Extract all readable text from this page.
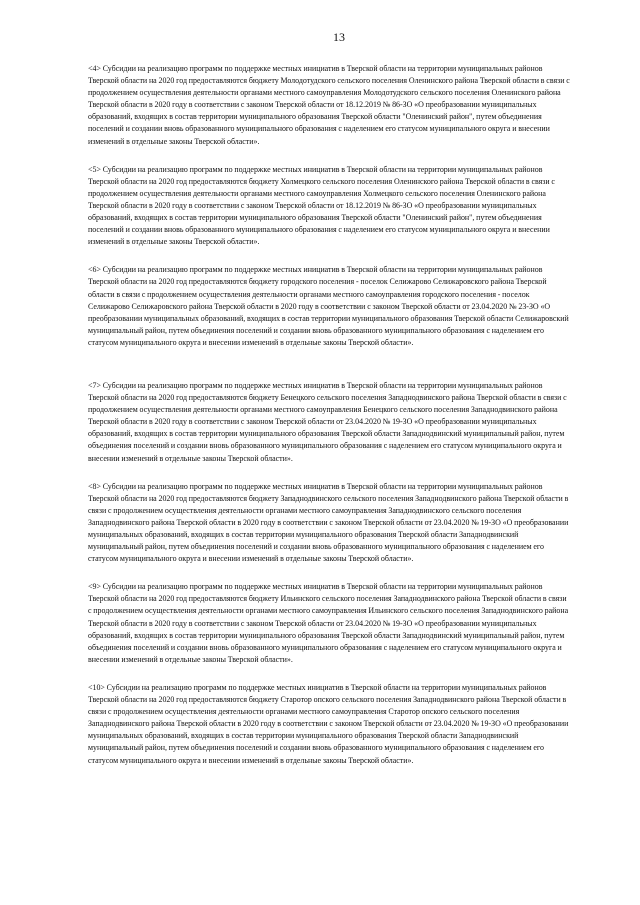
13

<4> Субсидии на реализацию программ по поддержке местных инициатив в Тверской области на территории муниципальных районов Тверской области на 2020 год предоставляются бюджету Молодотудского сельского поселения Оленинского района Тверской области в связи с продолжением осуществления деятельности органами местного самоуправления Молодотудского сельского поселения Оленинского района Тверской области в 2020 году в соответствии с законом Тверской области от 18.12.2019 № 86-ЗО «О преобразовании муниципальных образований, входящих в состав территории муниципального образования Тверской области "Оленинский район", путем объединения поселений и создании вновь образованного муниципального образования с наделением его статусом муниципального округа и внесении изменений в отдельные законы Тверской области».

<5> Субсидии на реализацию программ по поддержке местных инициатив в Тверской области на территории муниципальных районов Тверской области на 2020 год предоставляются бюджету Холмецкого сельского поселения Оленинского района Тверской области в связи с продолжением осуществления деятельности органами местного самоуправления Холмецкого сельского поселения Оленинского района Тверской области в 2020 году в соответствии с законом Тверской области от 18.12.2019 № 86-ЗО «О преобразовании муниципальных образований, входящих в состав территории муниципального образования Тверской области "Оленинский район", путем объединения поселений и создании вновь образованного муниципального образования с наделением его статусом муниципального округа и внесении изменений в отдельные законы Тверской области».

<6> Субсидии на реализацию программ по поддержке местных инициатив в Тверской области на территории муниципальных районов Тверской области на 2020 год предоставляются бюджету городского поселения - поселок Селижарово Селижаровского района Тверской области в связи с продолжением осуществления деятельности органами местного самоуправления городского поселения - поселок Селижарово Селижаровского района Тверской области в 2020 году в соответствии с законом Тверской области от 23.04.2020 № 23-ЗО «О преобразовании муниципальных образований, входящих в состав территории муниципального образования Тверской области Селижаровский муниципальный район, путем объединения поселений и создании вновь образованного муниципального образования с наделением его статусом муниципального округа и внесении изменений в отдельные законы Тверской области».

<7> Субсидии на реализацию программ по поддержке местных инициатив в Тверской области на территории муниципальных районов Тверской области на 2020 год предоставляются бюджету Бенецкого сельского поселения Западнодвинского района Тверской области в связи с продолжением осуществления деятельности органами местного самоуправления Бенецкого сельского поселения Западнодвинского района Тверской области в 2020 году в соответствии с законом Тверской области от 23.04.2020 № 19-ЗО «О преобразовании муниципальных образований, входящих в состав территории муниципального образования Тверской области Западнодвинский муниципальный район, путем объединения поселений и создании вновь образованного муниципального образования с наделением его статусом муниципального округа и внесении изменений в отдельные законы Тверской области».

<8> Субсидии на реализацию программ по поддержке местных инициатив в Тверской области на территории муниципальных районов Тверской области на 2020 год предоставляются бюджету Западнодвинского сельского поселения Западнодвинского района Тверской области в связи с продолжением осуществления деятельности органами местного самоуправления Западнодвинского сельского поселения Западнодвинского района Тверской области в 2020 году в соответствии с законом Тверской области от 23.04.2020 № 19-ЗО «О преобразовании муниципальных образований, входящих в состав территории муниципального образования Тверской области Западнодвинский муниципальный район, путем объединения поселений и создании вновь образованного муниципального образования с наделением его статусом муниципального округа и внесении изменений в отдельные законы Тверской области».

<9> Субсидии на реализацию программ по поддержке местных инициатив в Тверской области на территории муниципальных районов Тверской области на 2020 год предоставляются бюджету Ильинского сельского поселения Западнодвинского района Тверской области в связи с продолжением осуществления деятельности органами местного самоуправления Ильинского сельского поселения Западнодвинского района Тверской области в 2020 году в соответствии с законом Тверской области от 23.04.2020 № 19-ЗО «О преобразовании муниципальных образований, входящих в состав территории муниципального образования Тверской области Западнодвинский муниципальный район, путем объединения поселений и создании вновь образованного муниципального образования с наделением его статусом муниципального округа и внесении изменений в отдельные законы Тверской области».

<10> Субсидии на реализацию программ по поддержке местных инициатив в Тверской области на территории муниципальных районов Тверской области на 2020 год предоставляются бюджету Старотор опского сельского поселения Западнодвинского района Тверской области в связи с продолжением осуществления деятельности органами местного самоуправления Старотор опского сельского поселения Западнодвинского района Тверской области в 2020 году в соответствии с законом Тверской области от 23.04.2020 № 19-ЗО «О преобразовании муниципальных образований, входящих в состав территории муниципального образования Тверской области Западнодвинский муниципальный район, путем объединения поселений и создании вновь образованного муниципального образования с наделением его статусом муниципального округа и внесении изменений в отдельные законы Тверской области».
